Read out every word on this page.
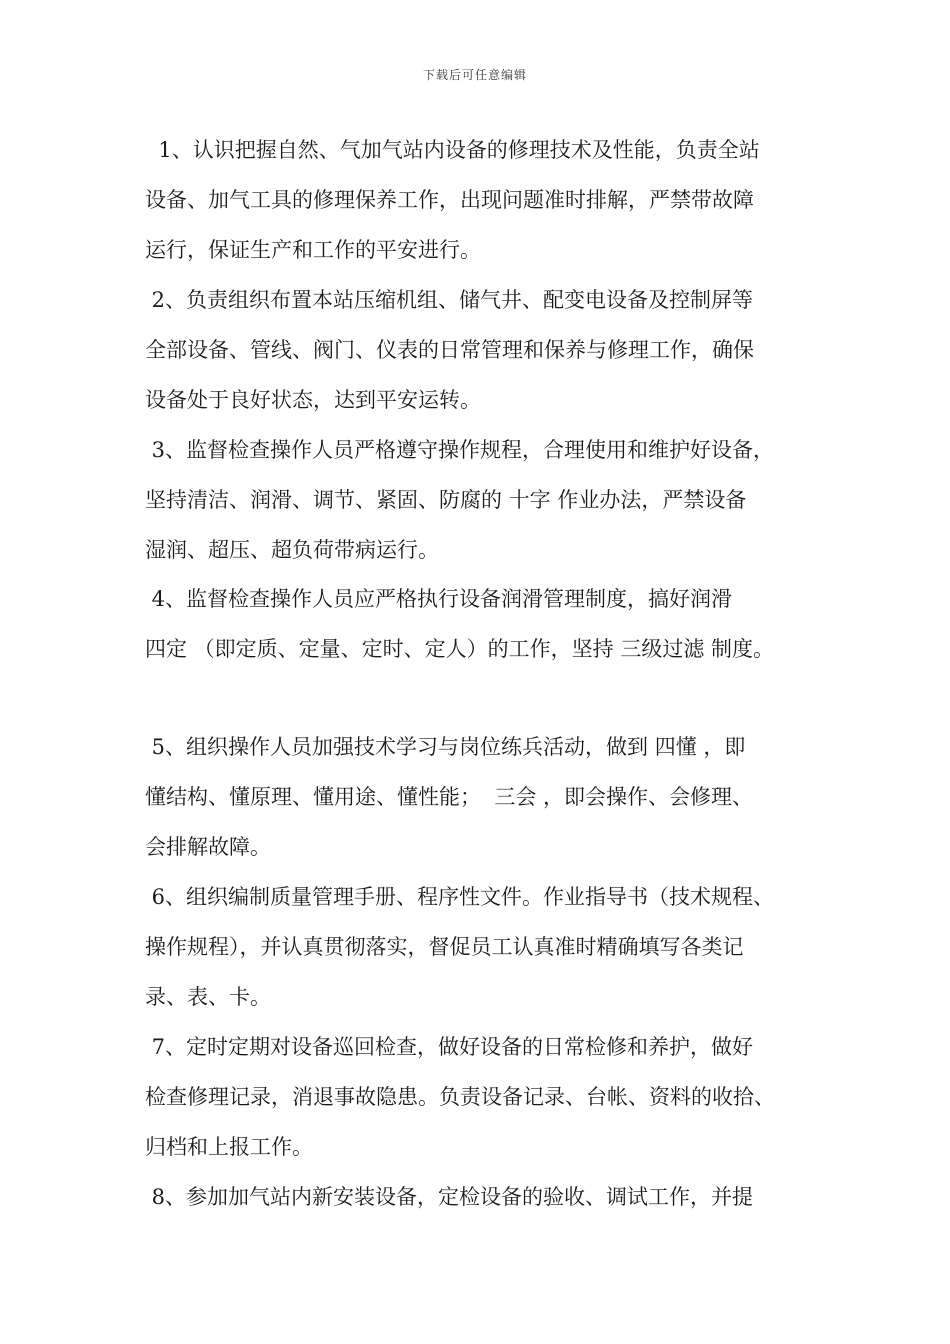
下载后可任意编辑
1、认识把握自然、气加气站内设备的修理技术及性能，负责全站
设备、加气工具的修理保养工作，出现问题准时排解，严禁带故障
运行，保证生产和工作的平安进行。
2、负责组织布置本站压缩机组、储气井、配变电设备及控制屏等
全部设备、管线、阀门、仪表的日常管理和保养与修理工作，确保
设备处于良好状态，达到平安运转。
3、监督检查操作人员严格遵守操作规程，合理使用和维护好设备，
坚持清洁、润滑、调节、紧固、防腐的 十字 作业办法，严禁设备
湿润、超压、超负荷带病运行。
4、监督检查操作人员应严格执行设备润滑管理制度，搞好润滑
四定 （即定质、定量、定时、定人）的工作，坚持 三级过滤 制度。
5、组织操作人员加强技术学习与岗位练兵活动，做到 四懂 ，即
懂结构、懂原理、懂用途、懂性能；  三会 ，即会操作、会修理、
会排解故障。
6、组织编制质量管理手册、程序性文件。作业指导书（技术规程、
操作规程），并认真贯彻落实，督促员工认真准时精确填写各类记
录、表、卡。
7、定时定期对设备巡回检查，做好设备的日常检修和养护，做好
检查修理记录，消退事故隐患。负责设备记录、台帐、资料的收拾、
归档和上报工作。
8、参加加气站内新安装设备，定检设备的验收、调试工作，并提
